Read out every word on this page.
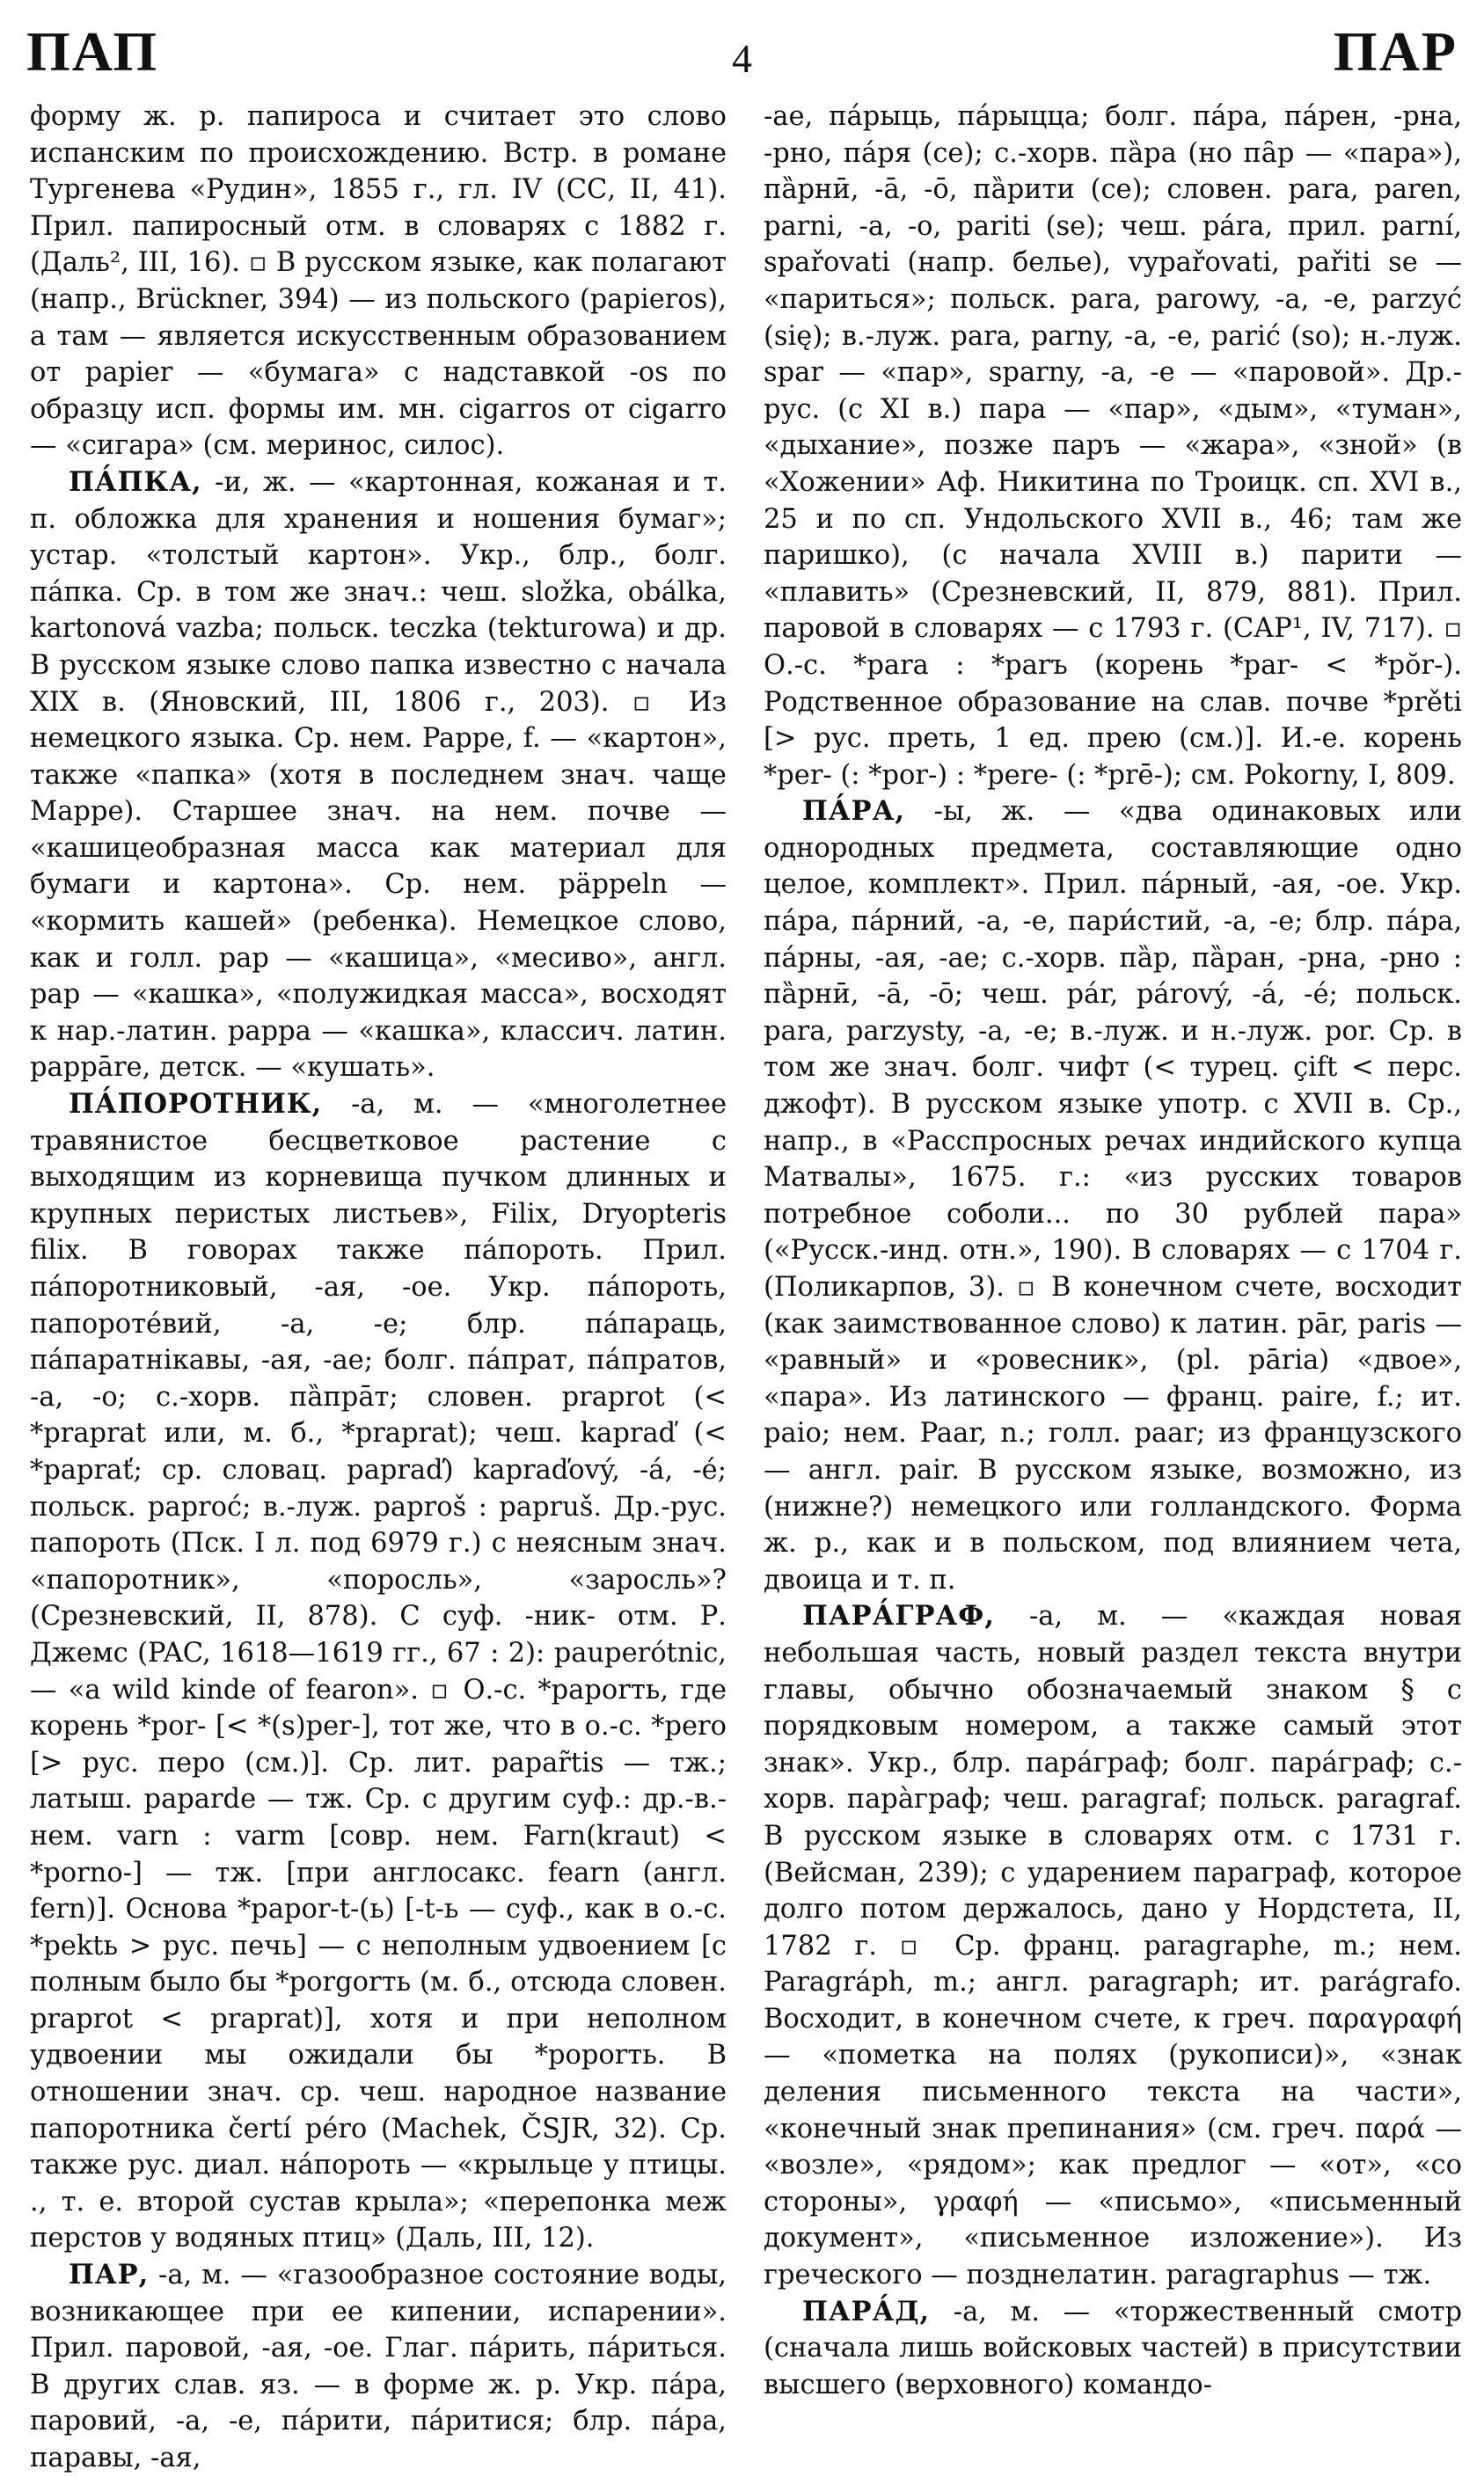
ПАП	4	ПАР

форму ж. р. папироса и считает это слово испанским по происхождению. Встр. в романе Тургенева «Рудин», 1855 г., гл. IV (СС, II, 41). Прил. папиросный отм. в словарях с 1882 г. (Даль², III, 16). ▫ В русском языке, как полагают (напр., Brückner, 394) — из польского (papieros), а там — является искусственным образованием от papier — «бумага» с надставкой -os по образцу исп. формы им. мн. cigarros от cigarro — «сигара» (см. меринос, силос).

ПА́ПКА, -и, ж. — «картонная, кожаная и т. п. обложка для хранения и ношения бумаг»; устар. «толстый картон». Укр., блр., болг. па́пка. Ср. в том же знач.: чеш. složka, obálka, kartonová vazba; польск. teczka (tekturowa) и др. В русском языке слово папка известно с начала XIX в. (Яновский, III, 1806 г., 203). ▫ Из немецкого языка. Ср. нем. Pappe, f. — «картон», также «папка» (хотя в последнем знач. чаще Mappe). Старшее знач. на нем. почве — «кашицеобразная масса как материал для бумаги и картона». Ср. нем. päppeln — «кормить кашей» (ребенка). Немецкое слово, как и голл. pap — «кашица», «месиво», англ. pap — «кашка», «полужидкая масса», восходят к нар.-латин. pappa — «кашка», классич. латин. pappāre, детск. — «кушать».

ПА́ПОРОТНИК, -а, м. — «многолетнее травянистое бесцветковое растение с выходящим из корневища пучком длинных и крупных перистых листьев», Filix, Dryopteris filix. В говорах также па́порoть. Прил. па́поротниковый, -ая, -ое. Укр. па́пороть, папороте́вий, -а, -е; блр. па́параць, па́паратнікавы, -ая, -ае; болг. па́прат, па́пратов, -а, -о; с.-хорв. па̏пра̄т; словен. praprot (< *praprat или, м. б., *praprat); чеш. kapraď (< *paprať; ср. словац. papraď) kapraďový, -á, -é; польск. paproć; в.-луж. paproš : papruš. Др.-рус. папороть (Пск. I л. под 6979 г.) с неясным знач. «папоротник», «поросль», «заросль»? (Срезневский, II, 878). С суф. -ник- отм. Р. Джемс (PAC, 1618—1619 гг., 67 : 2): pauperótnic, — «a wild kinde of fearon». ▫ О.-с. *paporть, где корень *por- [< *(s)per-], тот же, что в о.-с. *pero [> рус. перо (см.)]. Ср. лит. papar̃tis — тж.; латыш. paparde — тж. Ср. с другим суф.: др.-в.-нем. varn : varm [совр. нем. Farn(kraut) < *porno-] — тж. [при англосакс. fearn (англ. fern)]. Основа *papor-t-(ь) [-t-ь — суф., как в о.-с. *pektь > рус. печь] — с неполным удвоением [с полным было бы *porgorть (м. б., отсюда словен. praprot < praprat)], хотя и при неполном удвоении мы ожидали бы *pоpоrть. В отношении знач. ср. чеш. народное название папоротника čertí péro (Machek, ČSJR, 32). Ср. также рус. диал. на́пороть — «крыльце у птицы. ., т. е. второй сустав крыла»; «перепонка меж перстов у водяных птиц» (Даль, III, 12).

ПАР, -а, м. — «газообразное состояние воды, возникающее при ее кипении, испарении». Прил. паровой, -ая, -ое. Глаг. па́рить, па́риться. В других слав. яз. — в форме ж. р. Укр. па́ра, паровий, -а, -е, па́рити, па́ритися; блр. па́ра, паравы, -ая,

-ае, па́рыць, па́рыцца; болг. па́ра, па́рен, -рна, -рно, па́ря (се); с.-хорв. па̏ра (но па̑р — «пара»), па̏рнӣ, -а̄, -о̄, па̏рити (се); словен. para, paren, parni, -a, -o, pariti (se); чеш. pára, прил. parní, spařovati (напр. белье), vypařovati, pařiti se — «париться»; польск. para, parowy, -a, -e, parzyć (się); в.-луж. para, parny, -a, -e, parić (so); н.-луж. spar — «пар», sparny, -a, -e — «паровой». Др.-рус. (с XI в.) пара — «пар», «дым», «туман», «дыхание», позже паръ — «жара», «зной» (в «Хожении» Аф. Никитина по Троицк. сп. XVI в., 25 и по сп. Ундольского XVII в., 46; там же паришко), (с начала XVIII в.) парити — «плавить» (Срезневский, II, 879, 881). Прил. паровой в словарях — с 1793 г. (САР¹, IV, 717). ▫ О.-с. *para : *parъ (корень *par- < *pŏr-). Родственное образование на слав. почве *prěti [> рус. преть, 1 ед. прею (см.)]. И.-е. корень *per- (: *por-) : *pere- (: *prē-); см. Pokorny, I, 809.

ПА́РА, -ы, ж. — «два одинаковых или однородных предмета, составляющие одно целое, комплект». Прил. па́рный, -ая, -ое. Укр. па́ра, па́рний, -а, -е, пари́стий, -а, -е; блр. па́ра, па́рны, -ая, -ае; с.-хорв. па̏р, па̏ран, -рна, -рно : па̏рнӣ, -а̄, -о̄; чеш. pár, párový, -á, -é; польск. para, parzysty, -a, -e; в.-луж. и н.-луж. por. Ср. в том же знач. болг. чифт (< турец. çift < перс. джофт). В русском языке употр. с XVII в. Ср., напр., в «Расспросных речах индийского купца Матвалы», 1675. г.: «из русских товаров потребное соболи... по 30 рублей пара» («Русск.-инд. отн.», 190). В словарях — с 1704 г. (Поликарпов, 3). ▫ В конечном счете, восходит (как заимствованное слово) к латин. pār, paris — «равный» и «ровесник», (pl. pāria) «двое», «пара». Из латинского — франц. paire, f.; ит. paio; нем. Paar, n.; голл. paar; из французского — англ. pair. В русском языке, возможно, из (нижне?) немецкого или голландского. Форма ж. р., как и в польском, под влиянием чета, двоица и т. п.

ПАРА́ГРАФ, -а, м. — «каждая новая небольшая часть, новый раздел текста внутри главы, обычно обозначаемый знаком § с порядковым номером, а также самый этот знак». Укр., блр. пара́граф; болг. пара́граф; с.-хорв. пара̀граф; чеш. paragraf; польск. paragraf. В русском языке в словарях отм. с 1731 г. (Вейсман, 239); с ударением параграф, которое долго потом держалось, дано у Нордстета, II, 1782 г. ▫ Ср. франц. paragraphe, m.; нем. Paragráph, m.; англ. paragraph; ит. parágrafo. Восходит, в конечном счете, к греч. παραγραφή — «пометка на полях (рукописи)», «знак деления письменного текста на части», «конечный знак препинания» (см. греч. παρά — «возле», «рядом»; как предлог — «от», «со стороны», γραφή — «письмо», «письменный документ», «письменное изложение»). Из греческого — позднелатин. paragraphus — тж.

ПАРА́Д, -а, м. — «торжественный смотр (сначала лишь войсковых частей) в присутствии высшего (верховного) командо-
